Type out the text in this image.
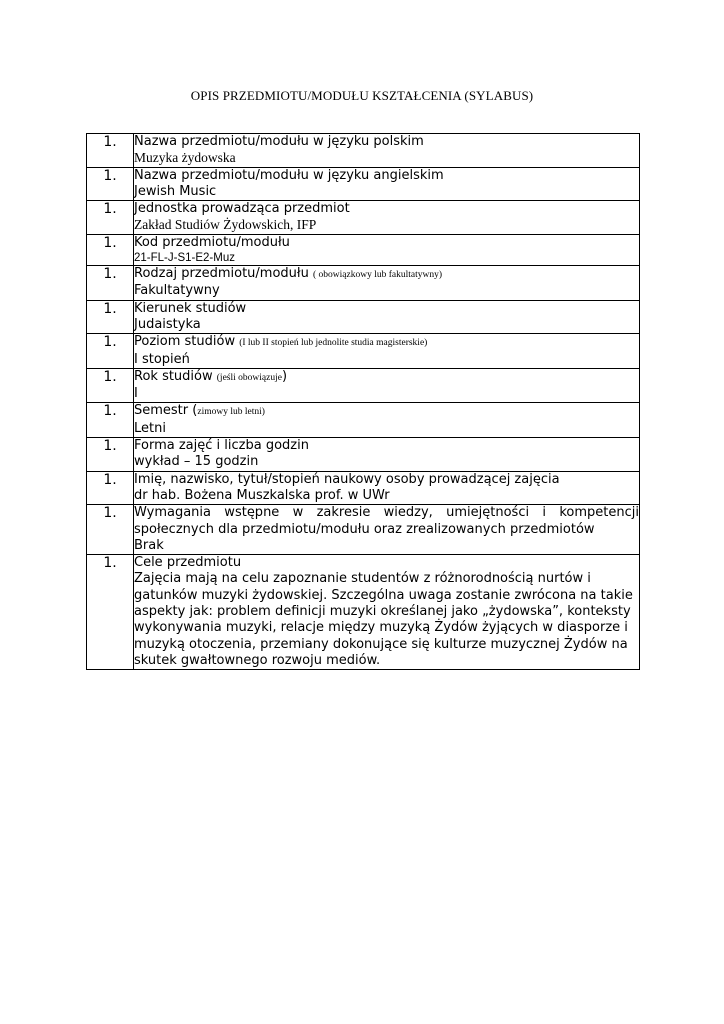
OPIS PRZEDMIOTU/MODUŁU KSZTAŁCENIA (SYLABUS)
1.	Nazwa przedmiotu/modułu w języku polskim
Muzyka żydowska

1.	Nazwa przedmiotu/modułu w języku angielskim
Jewish Music

1.	Jednostka prowadząca przedmiot
Zakład Studiów Żydowskich, IFP

1.	Kod przedmiotu/modułu
21-FL-J-S1-E2-Muz

1.	Rodzaj przedmiotu/modułu ( obowiązkowy lub fakultatywny)
Fakultatywny

1.	Kierunek studiów
Judaistyka

1.	Poziom studiów (I lub II stopień lub jednolite studia magisterskie)
I stopień

1.	Rok studiów (jeśli obowiązuje)
I

1.	Semestr (zimowy lub letni)
Letni

1.	Forma zajęć i liczba godzin
wykład – 15 godzin

1.	Imię, nazwisko, tytuł/stopień naukowy osoby prowadzącej zajęcia
dr hab. Bożena Muszkalska prof. w UWr

1.	Wymagania wstępne w zakresie wiedzy, umiejętności i kompetencji społecznych dla przedmiotu/modułu oraz zrealizowanych przedmiotów
Brak

1.	Cele przedmiotu
Zajęcia mają na celu zapoznanie studentów z różnorodnością nurtów i gatunków muzyki żydowskiej. Szczególna uwaga zostanie zwrócona na takie aspekty jak: problem definicji muzyki określanej jako „żydowska”, konteksty wykonywania muzyki, relacje między muzyką Żydów żyjących w diasporze i muzyką otoczenia, przemiany dokonujące się kulturze muzycznej Żydów na skutek gwałtownego rozwoju mediów.
